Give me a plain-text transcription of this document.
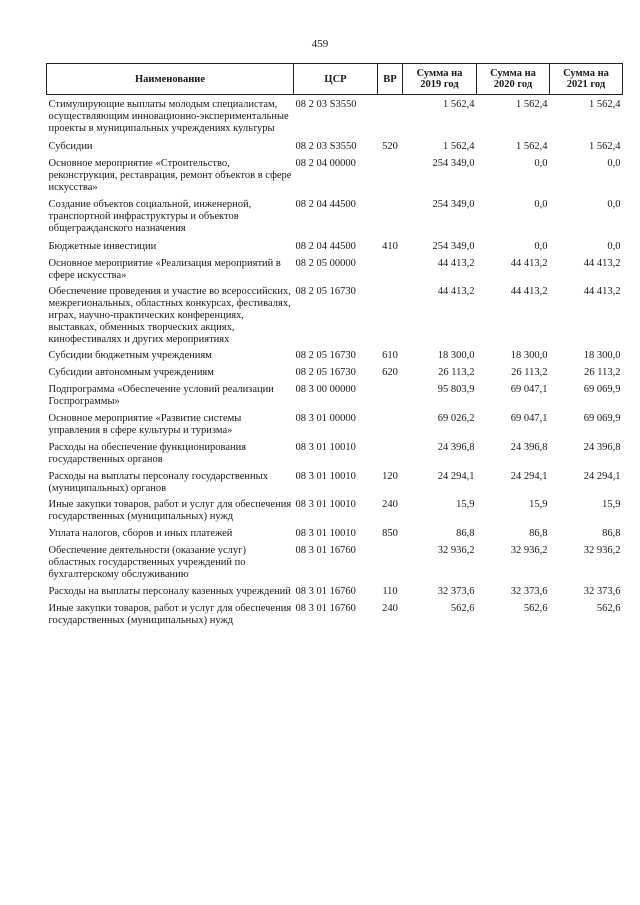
459
Наименование	ЦСР	ВР	Сумма на 2019 год	Сумма на 2020 год	Сумма на 2021 год

Стимулирующие выплаты молодым специалистам, осуществляющим инновационно-экспериментальные проекты в муниципальных учреждениях культуры	08 2 03 S3550		1 562,4	1 562,4	1 562,4

Субсидии	08 2 03 S3550	520	1 562,4	1 562,4	1 562,4

Основное мероприятие «Строительство, реконструкция, реставрация, ремонт объектов в сфере искусства»	08 2 04 00000		254 349,0	0,0	0,0

Создание объектов социальной, инженерной, транспортной инфраструктуры и объектов общегражданского назначения	08 2 04 44500		254 349,0	0,0	0,0

Бюджетные инвестиции	08 2 04 44500	410	254 349,0	0,0	0,0

Основное мероприятие «Реализация мероприятий в сфере искусства»	08 2 05 00000		44 413,2	44 413,2	44 413,2

Обеспечение проведения и участие во всероссийских, межрегиональных, областных конкурсах, фестивалях, играх, научно-практических конференциях, выставках, обменных творческих акциях, кинофестивалях и других мероприятиях	08 2 05 16730		44 413,2	44 413,2	44 413,2

Субсидии бюджетным учреждениям	08 2 05 16730	610	18 300,0	18 300,0	18 300,0

Субсидии автономным учреждениям	08 2 05 16730	620	26 113,2	26 113,2	26 113,2

Подпрограмма «Обеспечение условий реализации Госпрограммы»	08 3 00 00000		95 803,9	69 047,1	69 069,9

Основное мероприятие «Развитие системы управления в сфере культуры и туризма»	08 3 01 00000		69 026,2	69 047,1	69 069,9

Расходы на обеспечение функционирования государственных органов	08 3 01 10010		24 396,8	24 396,8	24 396,8

Расходы на выплаты персоналу государственных (муниципальных) органов	08 3 01 10010	120	24 294,1	24 294,1	24 294,1

Иные закупки товаров, работ и услуг для обеспечения государственных (муниципальных) нужд	08 3 01 10010	240	15,9	15,9	15,9

Уплата налогов, сборов и иных платежей	08 3 01 10010	850	86,8	86,8	86,8

Обеспечение деятельности (оказание услуг) областных государственных учреждений по бухгалтерскому обслуживанию	08 3 01 16760		32 936,2	32 936,2	32 936,2

Расходы на выплаты персоналу казенных учреждений	08 3 01 16760	110	32 373,6	32 373,6	32 373,6

Иные закупки товаров, работ и услуг для обеспечения государственных (муниципальных) нужд	08 3 01 16760	240	562,6	562,6	562,6
